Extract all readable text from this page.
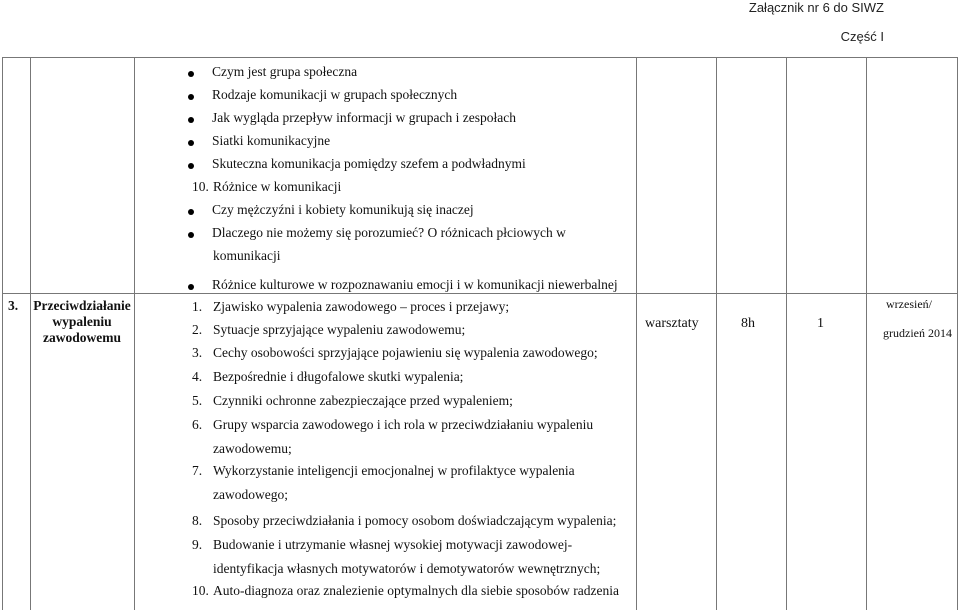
Załącznik nr 6 do SIWZ
Część I
Czym jest grupa społeczna
Rodzaje komunikacji w grupach społecznych
Jak wygląda przepływ informacji w grupach i zespołach
Siatki komunikacyjne
Skuteczna komunikacja pomiędzy szefem a podwładnymi
10. Różnice w komunikacji
Czy mężczyźni i kobiety komunikują się inaczej
Dlaczego nie możemy się porozumieć? O różnicach płciowych w
komunikacji
Różnice kulturowe w rozpoznawaniu emocji i w komunikacji niewerbalnej
3. Przeciwdziałanie
wypaleniu
zawodowemu
1. Zjawisko wypalenia zawodowego – proces i przejawy;
2. Sytuacje sprzyjające wypaleniu zawodowemu;
3. Cechy osobowości sprzyjające pojawieniu się wypalenia zawodowego;
4. Bezpośrednie i długofalowe skutki wypalenia;
5. Czynniki ochronne zabezpieczające przed wypaleniem;
6. Grupy wsparcia zawodowego i ich rola w przeciwdziałaniu wypaleniu
zawodowemu;
7. Wykorzystanie inteligencji emocjonalnej w profilaktyce wypalenia
zawodowego;
8. Sposoby przeciwdziałania i pomocy osobom doświadczającym wypalenia;
9. Budowanie i utrzymanie własnej wysokiej motywacji zawodowej-
identyfikacja własnych motywatorów i demotywatorów wewnętrznych;
10. Auto-diagnoza oraz znalezienie optymalnych dla siebie sposobów radzenia
warsztaty	8h	1
wrzesień/
grudzień 2014
